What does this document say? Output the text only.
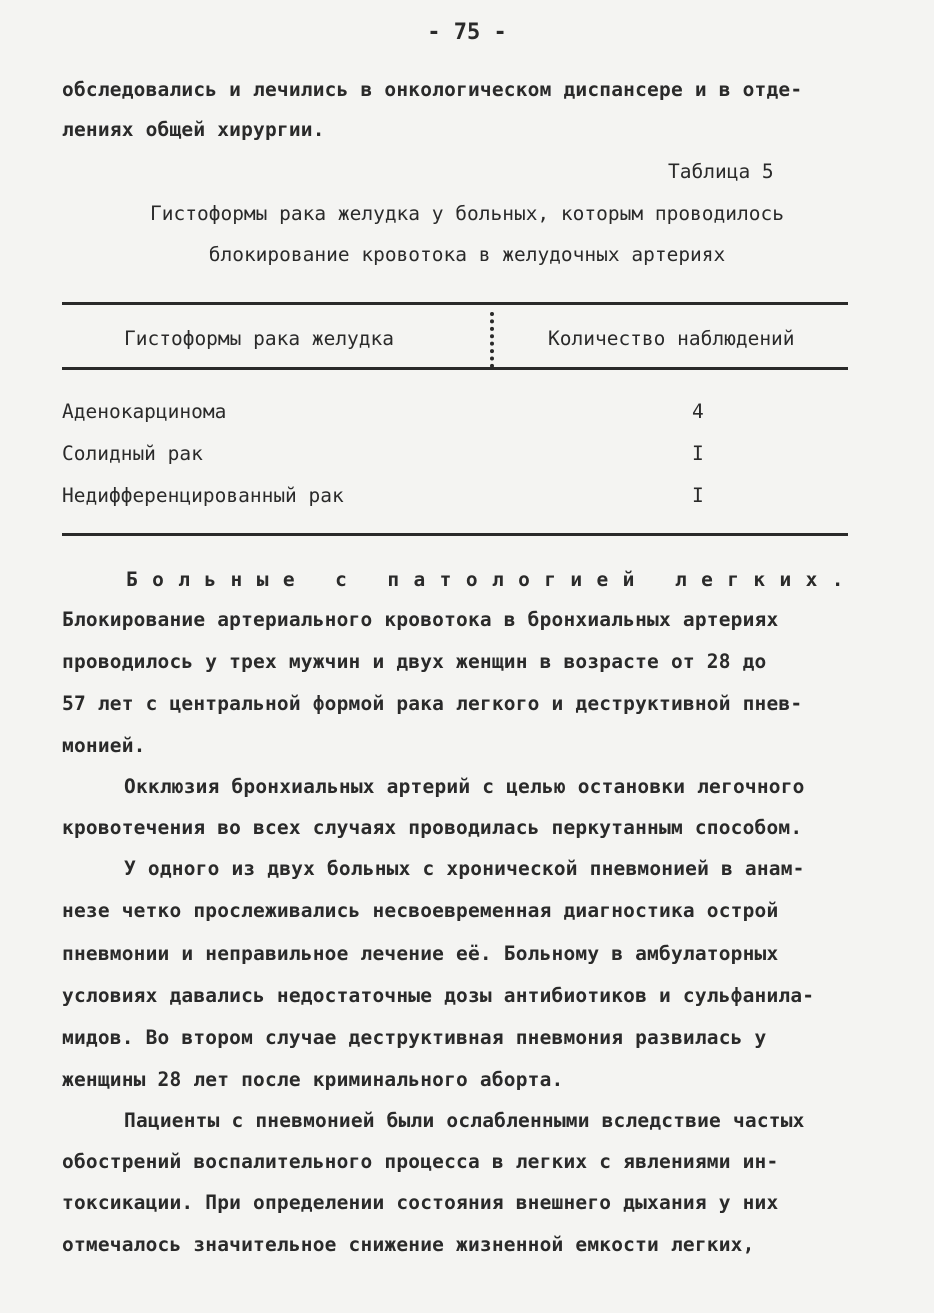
- 75 -
обследовались и лечились в онкологическом диспансере и в отде-
лениях общей хирургии.
Таблица 5
Гистоформы рака желудка у больных, которым проводилось
блокирование кровотока в желудочных артериях
Гистоформы рака желудка	Количество наблюдений
Аденокарцинома	4
Солидный рак	I
Недифференцированный рак	I
Больные с патологией легких.
Блокирование артериального кровотока в бронхиальных артериях
проводилось у трех мужчин и двух женщин в возрасте от 28 до
57 лет с центральной формой рака легкого и деструктивной пнев-
монией.
Окклюзия бронхиальных артерий с целью остановки легочного
кровотечения во всех случаях проводилась перкутанным способом.
У одного из двух больных с хронической пневмонией в анам-
незе четко прослеживались несвоевременная диагностика острой
пневмонии и неправильное лечение её. Больному в амбулаторных
условиях давались недостаточные дозы антибиотиков и сульфанила-
мидов. Во втором случае деструктивная пневмония развилась у
женщины 28 лет после криминального аборта.
Пациенты с пневмонией были ослабленными вследствие частых
обострений воспалительного процесса в легких с явлениями ин-
токсикации. При определении состояния внешнего дыхания у них
отмечалось значительное снижение жизненной емкости легких,
